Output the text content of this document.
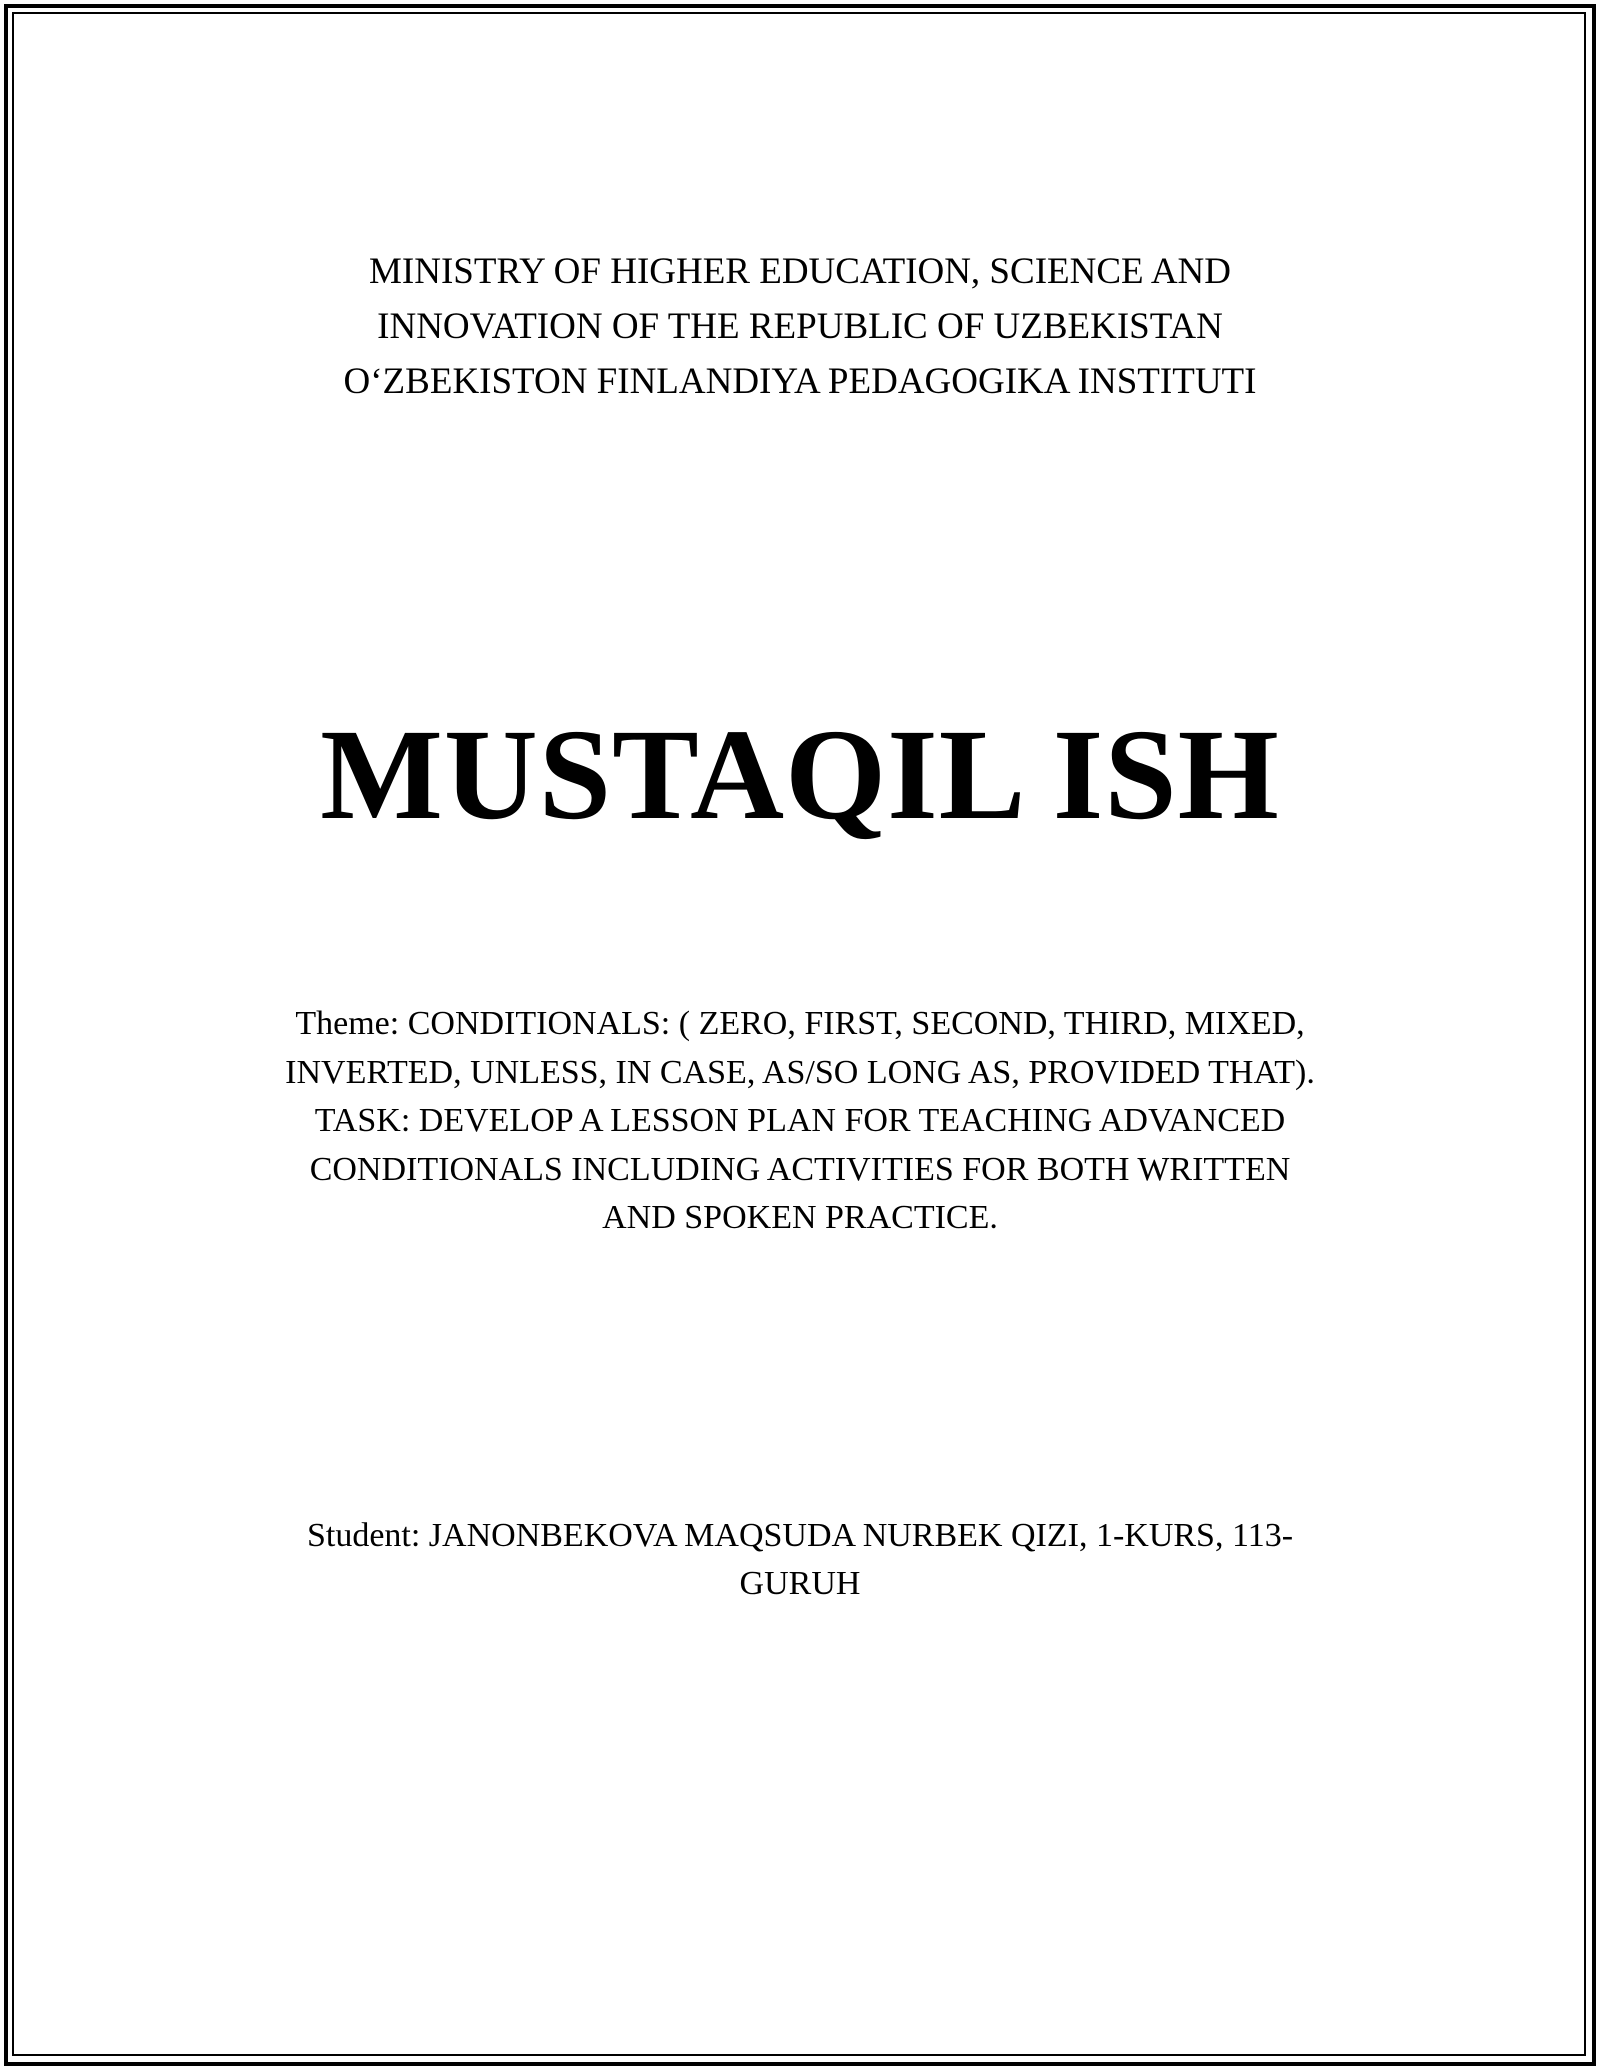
MINISTRY OF HIGHER EDUCATION, SCIENCE AND
INNOVATION OF THE REPUBLIC OF UZBEKISTAN
O‘ZBEKISTON FINLANDIYA PEDAGOGIKA INSTITUTI
MUSTAQIL ISH
Theme: CONDITIONALS: ( ZERO, FIRST, SECOND, THIRD, MIXED,
INVERTED, UNLESS, IN CASE, AS/SO LONG AS, PROVIDED THAT).
TASK: DEVELOP A LESSON PLAN FOR TEACHING ADVANCED
CONDITIONALS INCLUDING ACTIVITIES FOR BOTH WRITTEN
AND SPOKEN PRACTICE.
Student: JANONBEKOVA MAQSUDA NURBEK QIZI, 1-KURS, 113-
GURUH
